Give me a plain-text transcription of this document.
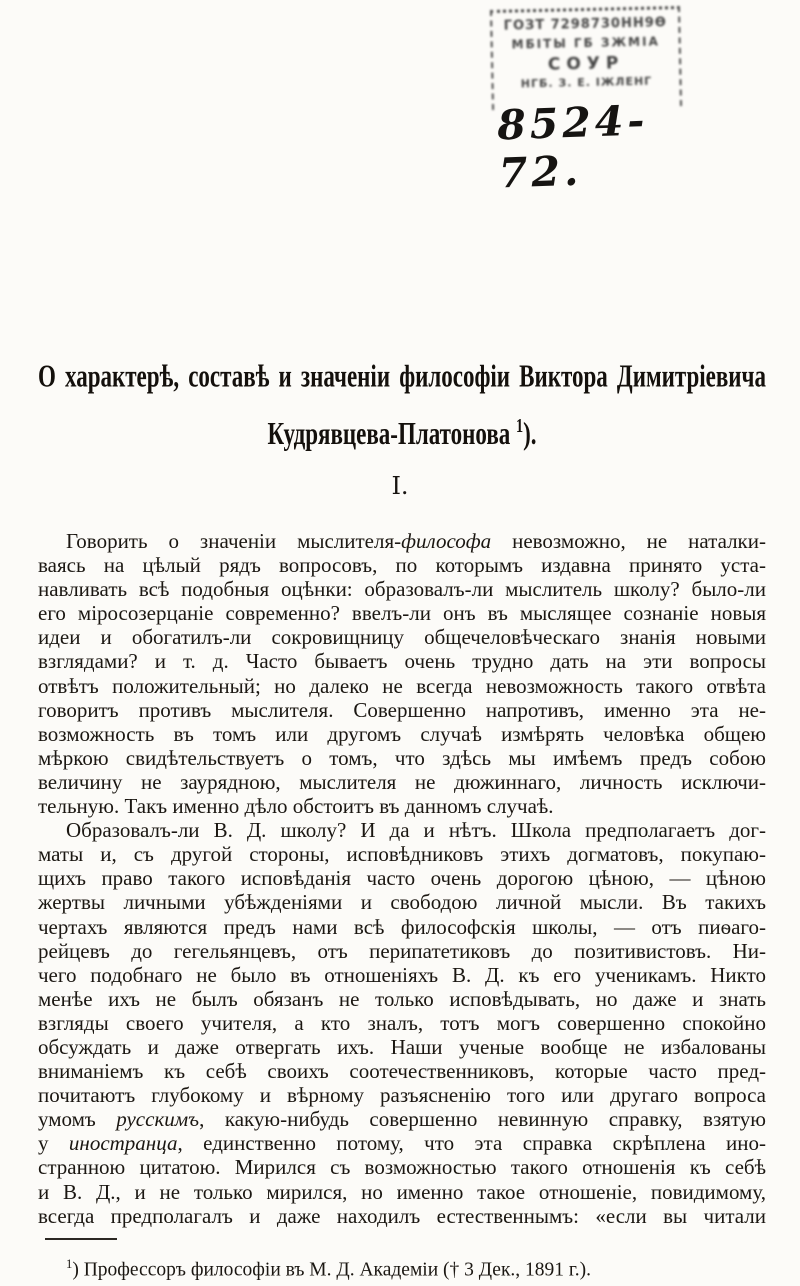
ГОЗТ 7298730НН9Ѳ
МБІТЫ ГБ ЗЖМІА
СОУР
НГБ. З. Е. ІЖЛЕНГ
8524-72.
О характерѣ, составѣ и значеніи философіи Виктора Димитріевича
Кудрявцева-Платонова $^1$).
I.
Говорить о значеніи мыслителя-философа невозможно, не наталки-
ваясь на цѣлый рядъ вопросовъ, по которымъ издавна принято уста-
навливать всѣ подобныя оцѣнки: образовалъ-ли мыслитель школу? было-ли
его міросозерцаніе современно? ввелъ-ли онъ въ мыслящее сознаніе новыя
идеи и обогатилъ-ли сокровищницу общечеловѣческаго знанія новыми
взглядами? и т. д. Часто бываетъ очень трудно дать на эти вопросы
отвѣтъ положительный; но далеко не всегда невозможность такого отвѣта
говоритъ противъ мыслителя. Совершенно напротивъ, именно эта не-
возможность въ томъ или другомъ случаѣ измѣрять человѣка общею
мѣркою свидѣтельствуетъ о томъ, что здѣсь мы имѣемъ предъ собою
величину не заурядною, мыслителя не дюжиннаго, личность исключи-
тельную. Такъ именно дѣло обстоитъ въ данномъ случаѣ.
Образовалъ-ли В. Д. школу? И да и нѣтъ. Школа предполагаетъ дог-
маты и, съ другой стороны, исповѣдниковъ этихъ догматовъ, покупаю-
щихъ право такого исповѣданія часто очень дорогою цѣною, — цѣною
жертвы личными убѣжденіями и свободою личной мысли. Въ такихъ
чертахъ являются предъ нами всѣ философскія школы, — отъ пиѳаго-
рейцевъ до гегельянцевъ, отъ перипатетиковъ до позитивистовъ. Ни-
чего подобнаго не было въ отношеніяхъ В. Д. къ его ученикамъ. Никто
менѣе ихъ не былъ обязанъ не только исповѣдывать, но даже и знать
взгляды своего учителя, а кто зналъ, тотъ могъ совершенно спокойно
обсуждать и даже отвергать ихъ. Наши ученые вообще не избалованы
вниманіемъ къ себѣ своихъ соотечественниковъ, которые часто пред-
почитаютъ глубокому и вѣрному разъясненію того или другаго вопроса
умомъ русскимъ, какую-нибудь совершенно невинную справку, взятую
у иностранца, единственно потому, что эта справка скрѣплена ино-
странною цитатою. Мирился съ возможностью такого отношенія къ себѣ
и В. Д., и не только мирился, но именно такое отношеніе, повидимому,
всегда предполагалъ и даже находилъ естественнымъ: «если вы читали
$^1$) Профессоръ философіи въ М. Д. Академіи († 3 Дек., 1891 г.).
